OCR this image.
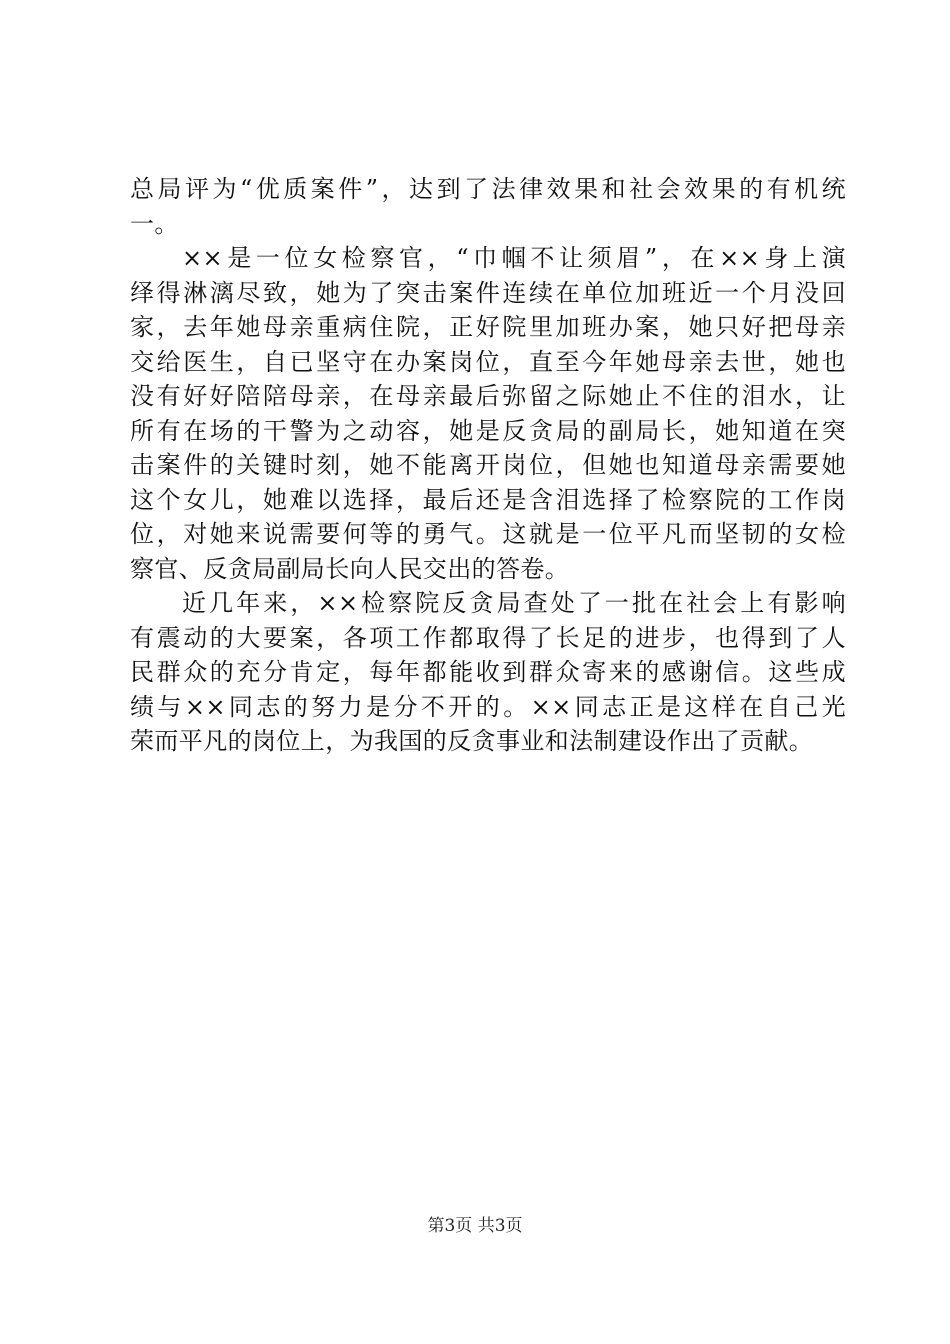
总局评为“优质案件”，达到了法律效果和社会效果的有机统
一。
××是一位女检察官，“巾帼不让须眉”，在××身上演
绎得淋漓尽致，她为了突击案件连续在单位加班近一个月没回
家，去年她母亲重病住院，正好院里加班办案，她只好把母亲
交给医生，自已坚守在办案岗位，直至今年她母亲去世，她也
没有好好陪陪母亲，在母亲最后弥留之际她止不住的泪水，让
所有在场的干警为之动容，她是反贪局的副局长，她知道在突
击案件的关键时刻，她不能离开岗位，但她也知道母亲需要她
这个女儿，她难以选择，最后还是含泪选择了检察院的工作岗
位，对她来说需要何等的勇气。这就是一位平凡而坚韧的女检
察官、反贪局副局长向人民交出的答卷。
近几年来，××检察院反贪局查处了一批在社会上有影响
有震动的大要案，各项工作都取得了长足的进步，也得到了人
民群众的充分肯定，每年都能收到群众寄来的感谢信。这些成
绩与××同志的努力是分不开的。××同志正是这样在自己光
荣而平凡的岗位上，为我国的反贪事业和法制建设作出了贡献。
第3页 共3页
